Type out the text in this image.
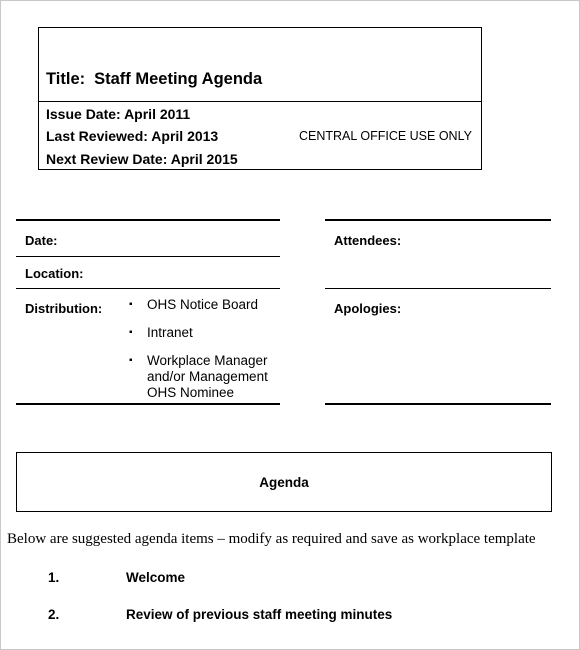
Title: Staff Meeting Agenda
Issue Date: April 2011
Last Reviewed: April 2013
Next Review Date: April 2015
CENTRAL OFFICE USE ONLY
Date:
Location:
Distribution:	▪ OHS Notice Board
▪ Intranet
▪ Workplace Manager and/or Management OHS Nominee
Attendees:
Apologies:
Agenda
Below are suggested agenda items – modify as required and save as workplace template
1.	Welcome
2.	Review of previous staff meeting minutes
